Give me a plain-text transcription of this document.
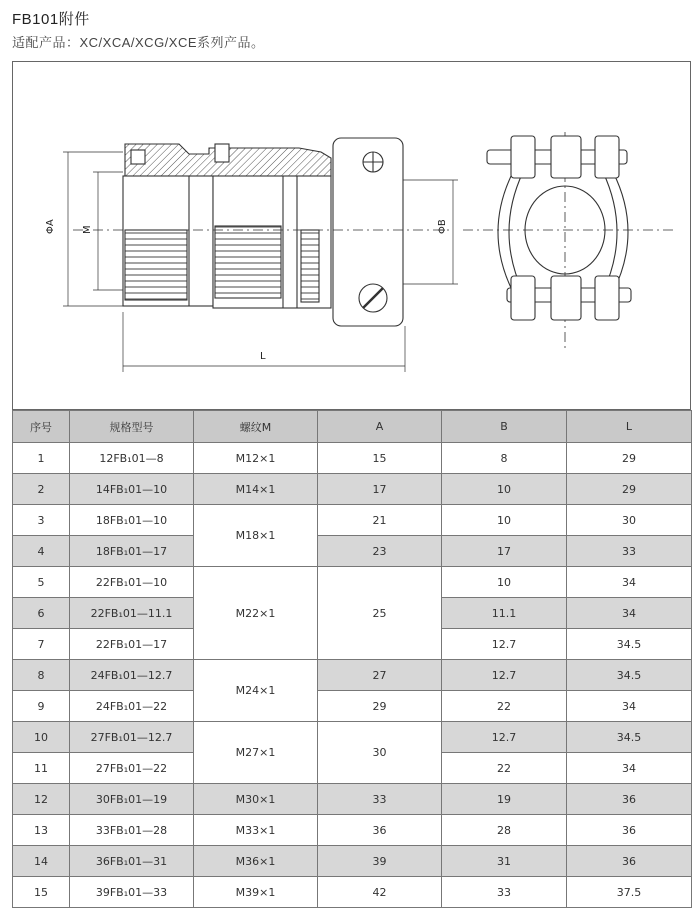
FB101附件
适配产品：XC/XCA/XCG/XCE系列产品。
ΦA	M	ΦB
L
序号	规格型号	螺纹M	A	B	L
1	12FB₁01—8	M12×1	15	8	29
2	14FB₁01—10	M14×1	17	10	29
3	18FB₁01—10	M18×1	21	10	30
4	18FB₁01—17		23	17	33
5	22FB₁01—10	M22×1	25	10	34
6	22FB₁01—11.1			11.1	34
7	22FB₁01—17			12.7	34.5
8	24FB₁01—12.7	M24×1	27	12.7	34.5
9	24FB₁01—22		29	22	34
10	27FB₁01—12.7	M27×1	30	12.7	34.5
11	27FB₁01—22			22	34
12	30FB₁01—19	M30×1	33	19	36
13	33FB₁01—28	M33×1	36	28	36
14	36FB₁01—31	M36×1	39	31	36
15	39FB₁01—33	M39×1	42	33	37.5
